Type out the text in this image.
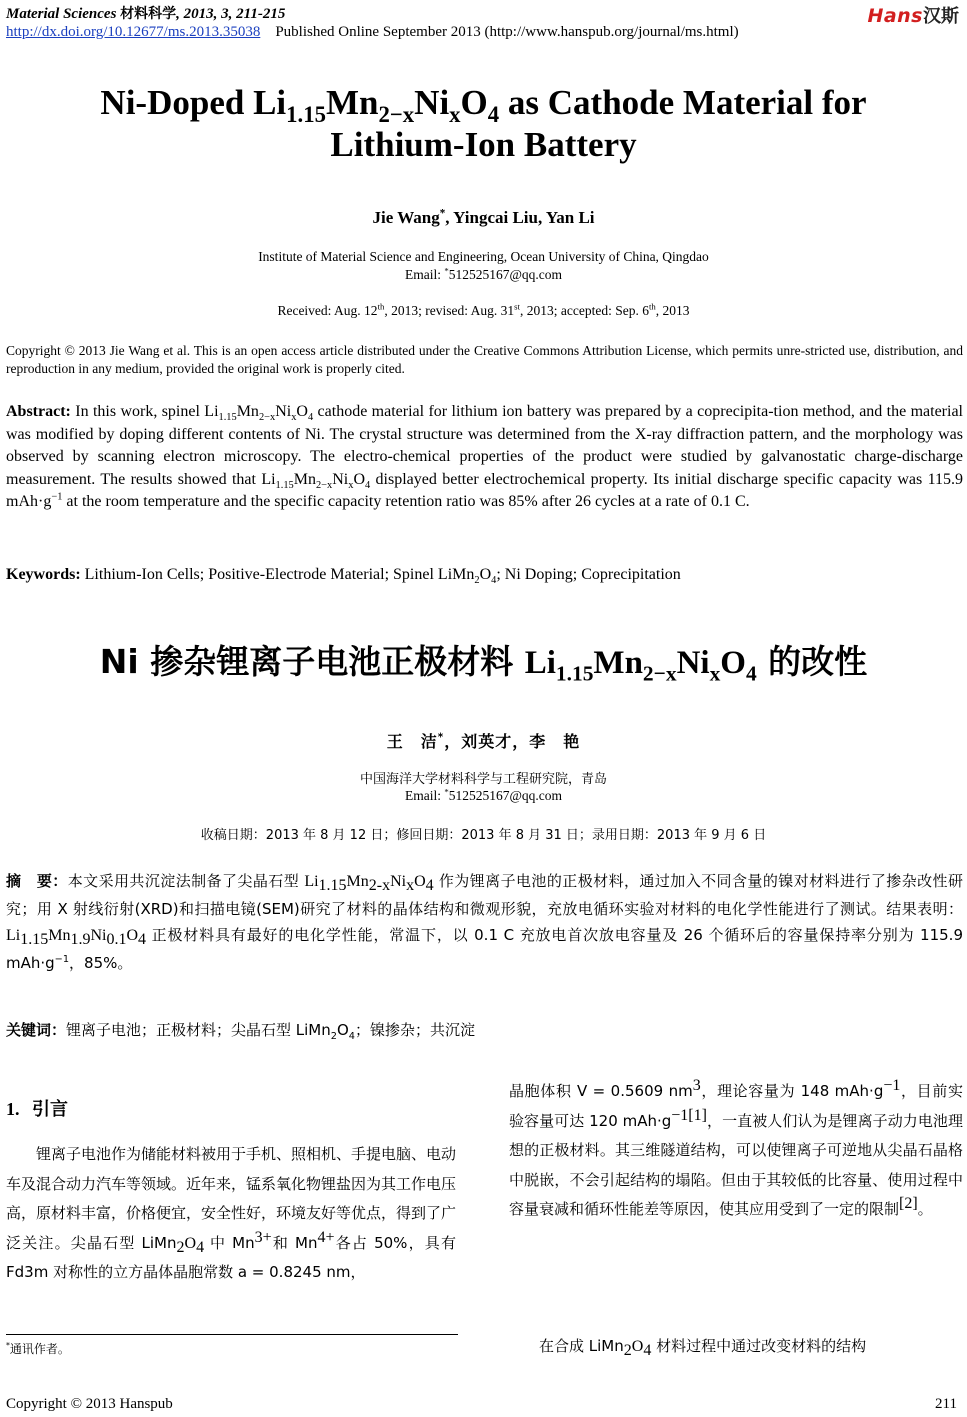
Material Sciences 材料科学, 2013, 3, 211-215
http://dx.doi.org/10.12677/ms.2013.35038 Published Online September 2013 (http://www.hanspub.org/journal/ms.html)
Hans汉斯
Ni-Doped $Li_{1.15}Mn_{2-x}Ni_xO_4$ as Cathode Material for
Lithium-Ion Battery
Jie Wang*, Yingcai Liu, Yan Li
Institute of Material Science and Engineering, Ocean University of China, Qingdao
Email: *512525167@qq.com
Received: Aug. 12th, 2013; revised: Aug. 31st, 2013; accepted: Sep. 6th, 2013
Copyright © 2013 Jie Wang et al. This is an open access article distributed under the Creative Commons Attribution License, which permits unre-stricted use, distribution, and reproduction in any medium, provided the original work is properly cited.
Abstract: In this work, spinel $Li_{1.15}Mn_{2-x}Ni_xO_4$ cathode material for lithium ion battery was prepared by a coprecipita-tion method, and the material was modified by doping different contents of Ni. The crystal structure was determined from the X-ray diffraction pattern, and the morphology was observed by scanning electron microscopy. The electro-chemical properties of the product were studied by galvanostatic charge-discharge measurement. The results showed that $Li_{1.15}Mn_{2-x}Ni_xO_4$ displayed better electrochemical property. Its initial discharge specific capacity was 115.9 $mAh\cdot g^{-1}$ at the room temperature and the specific capacity retention ratio was 85% after 26 cycles at a rate of 0.1 C.
Keywords: Lithium-Ion Cells; Positive-Electrode Material; Spinel $LiMn_2O_4$; Ni Doping; Coprecipitation
Ni 掺杂锂离子电池正极材料 $Li_{1.15}Mn_{2-x}Ni_xO_4$ 的改性
王　洁*，刘英才，李　艳
中国海洋大学材料科学与工程研究院，青岛
Email: *512525167@qq.com
收稿日期：2013 年 8 月 12 日；修回日期：2013 年 8 月 31 日；录用日期：2013 年 9 月 6 日
摘　要：本文采用共沉淀法制备了尖晶石型 $Li_{1.15}Mn_{2-x}Ni_xO_4$ 作为锂离子电池的正极材料，通过加入不同含量的镍对材料进行了掺杂改性研究；用 X 射线衍射(XRD)和扫描电镜(SEM)研究了材料的晶体结构和微观形貌，充放电循环实验对材料的电化学性能进行了测试。结果表明：$Li_{1.15}Mn_{1.9}Ni_{0.1}O_4$ 正极材料具有最好的电化学性能，常温下，以 0.1 C 充放电首次放电容量及 26 个循环后的容量保持率分别为 115.9 $mAh\cdot g^{-1}$，85%。
关键词：锂离子电池；正极材料；尖晶石型 $LiMn_2O_4$；镍掺杂；共沉淀
1. 引言
锂离子电池作为储能材料被用于手机、照相机、手提电脑、电动车及混合动力汽车等领域。近年来，锰系氧化物锂盐因为其工作电压高，原材料丰富，价格便宜，安全性好，环境友好等优点，得到了广泛关注。尖晶石型 $LiMn_2O_4$ 中 $Mn^{3+}$和 $Mn^{4+}$各占 50%，具有 Fd3m 对称性的立方晶体晶胞常数 a = 0.8245 nm，
晶胞体积 V = 0.5609 $nm^3$，理论容量为 148 $mAh\cdot g^{-1}$，目前实验容量可达 120 $mAh\cdot g^{-1[1]}$，一直被人们认为是锂离子动力电池理想的正极材料。其三维隧道结构，可以使锂离子可逆地从尖晶石晶格中脱嵌，不会引起结构的塌陷。但由于其较低的比容量、使用过程中容量衰减和循环性能差等原因，使其应用受到了一定的限制[2]。
在合成 $LiMn_2O_4$ 材料过程中通过改变材料的结构
*通讯作者。
Copyright © 2013 Hanspub	211
